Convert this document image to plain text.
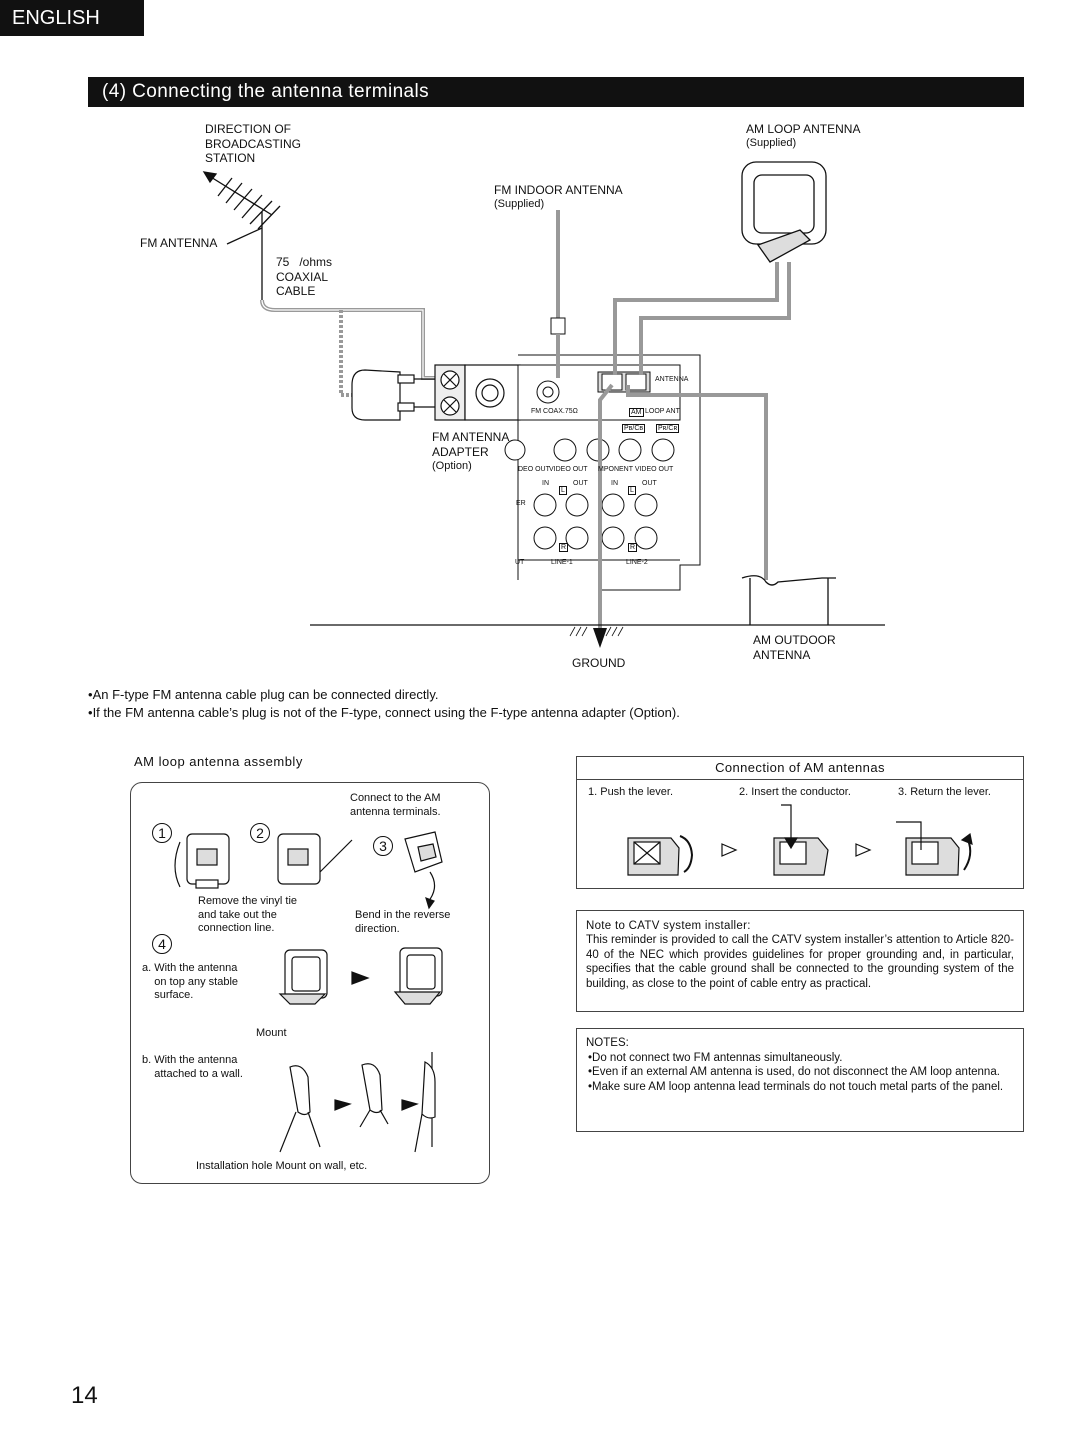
ENGLISH
(4) Connecting the antenna terminals
DIRECTION OF
BROADCASTING
STATION
FM ANTENNA
75   /ohms
COAXIAL
CABLE
FM INDOOR ANTENNA
(Supplied)
AM LOOP ANTENNA
(Supplied)
FM ANTENNA
ADAPTER
(Option)
GROUND
AM OUTDOOR
ANTENNA
ANTENNA
FM COAX.75Ω	AM LOOP ANT.
Pʙ/Cʙ Pʀ/Cʀ
DEO OUT VIDEO OUT MPONENT VIDEO OUT
IN	OUT	IN	OUT
L	L
R	R
LINE-1	LINE-2
UT
ER
• An F-type FM antenna cable plug can be connected directly.
• If the FM antenna cable’s plug is not of the F-type, connect using the F-type antenna adapter (Option).
AM loop antenna assembly
1	2
3
4
Connect to the AM
antenna terminals.
Remove the vinyl tie
and take out the
connection line.
Bend in the reverse
direction.
a. With the antenna
on top any stable
surface.
Mount
b. With the antenna
attached to a wall.
Installation hole Mount on wall, etc.
Connection of AM antennas
1. Push the lever.	2. Insert the conductor.	3. Return the lever.
Note to CATV system installer:
This reminder is provided to call the CATV system installer’s attention to Article 820-40 of the NEC which provides guidelines for proper grounding and, in particular, specifies that the cable ground shall be connected to the grounding system of the building, as close to the point of cable entry as practical.
NOTES:
• Do not connect two FM antennas simultaneously.
• Even if an external AM antenna is used, do not disconnect the AM loop antenna.
• Make sure AM loop antenna lead terminals do not touch metal parts of the panel.
14
